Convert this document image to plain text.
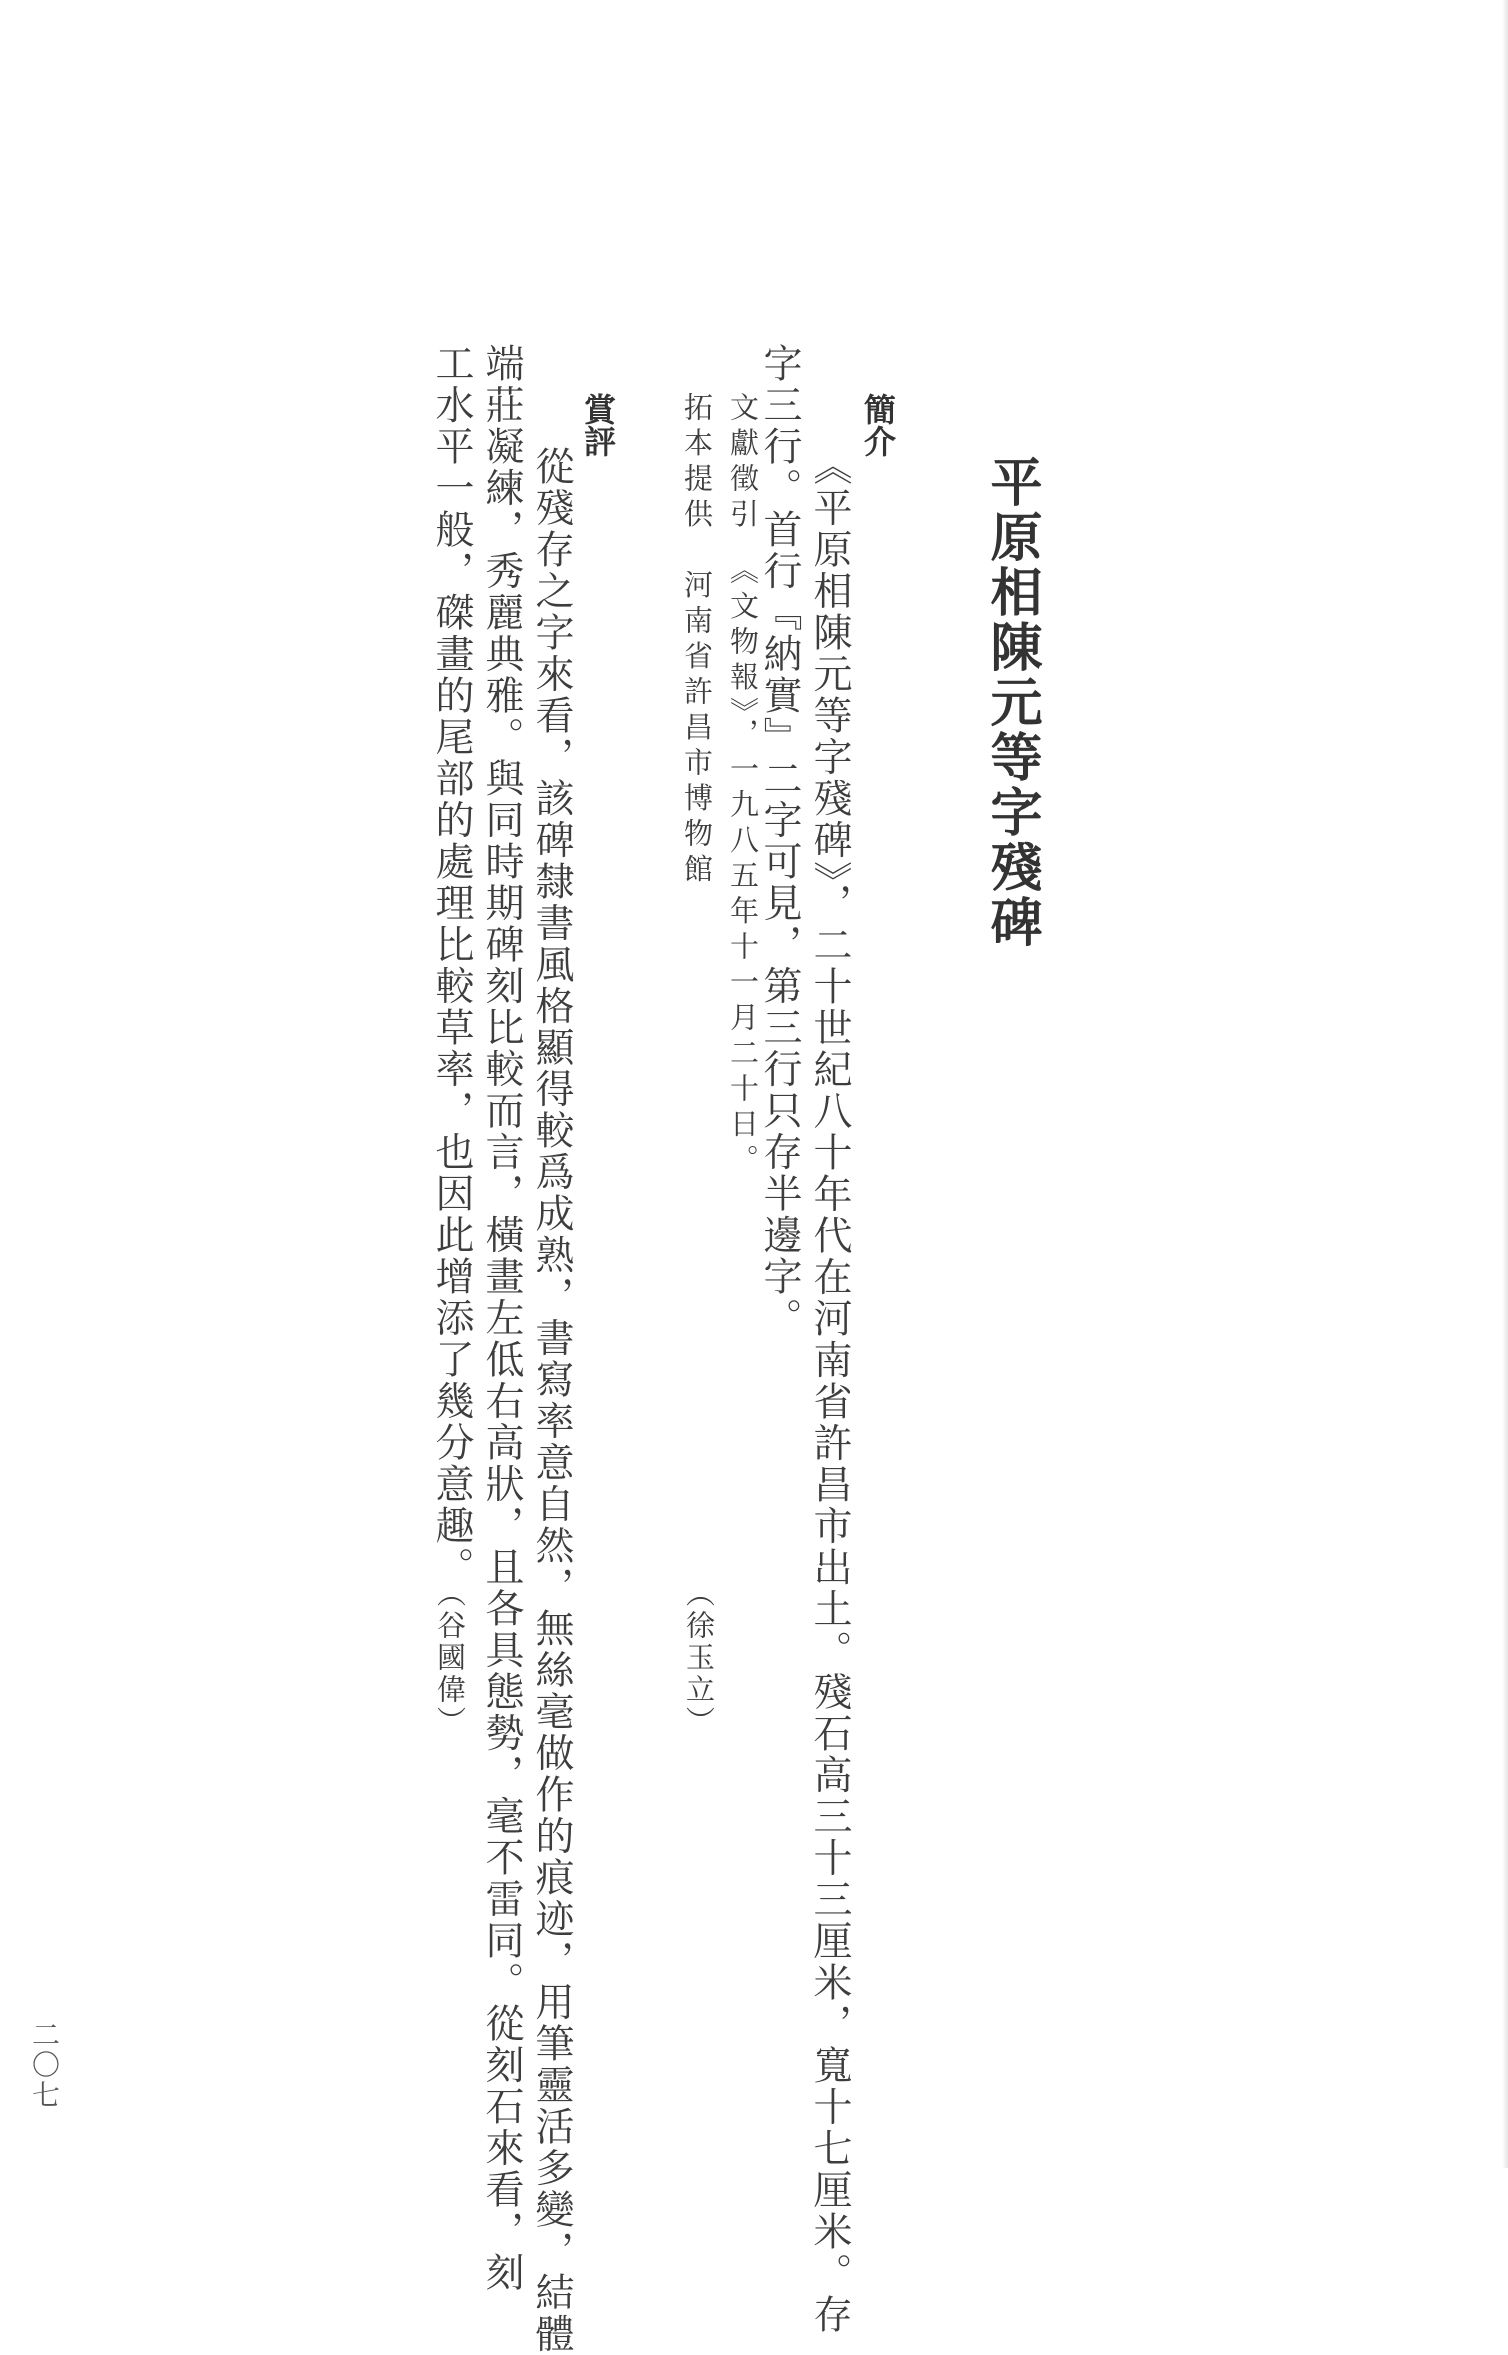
平原相陳元等字殘碑
簡介

《平原相陳元等字殘碑》，二十世紀八十年代在河南省許昌市出土。殘石高三十三厘米，寬十七厘米。存

字三行。首行『納實』二字可見，第三行只存半邊字。

文獻徵引　《文物報》，一九八五年十一月二十日。

拓本提供　河南省許昌市博物館

（徐玉立）

賞評

從殘存之字來看，該碑隸書風格顯得較爲成熟，書寫率意自然，無絲毫做作的痕迹，用筆靈活多變，結體

端莊凝練，秀麗典雅。與同時期碑刻比較而言，橫畫左低右高狀，且各具態勢，毫不雷同。從刻石來看，刻

工水平一般，磔畫的尾部的處理比較草率，也因此增添了幾分意趣。

（谷國偉）

二〇七
